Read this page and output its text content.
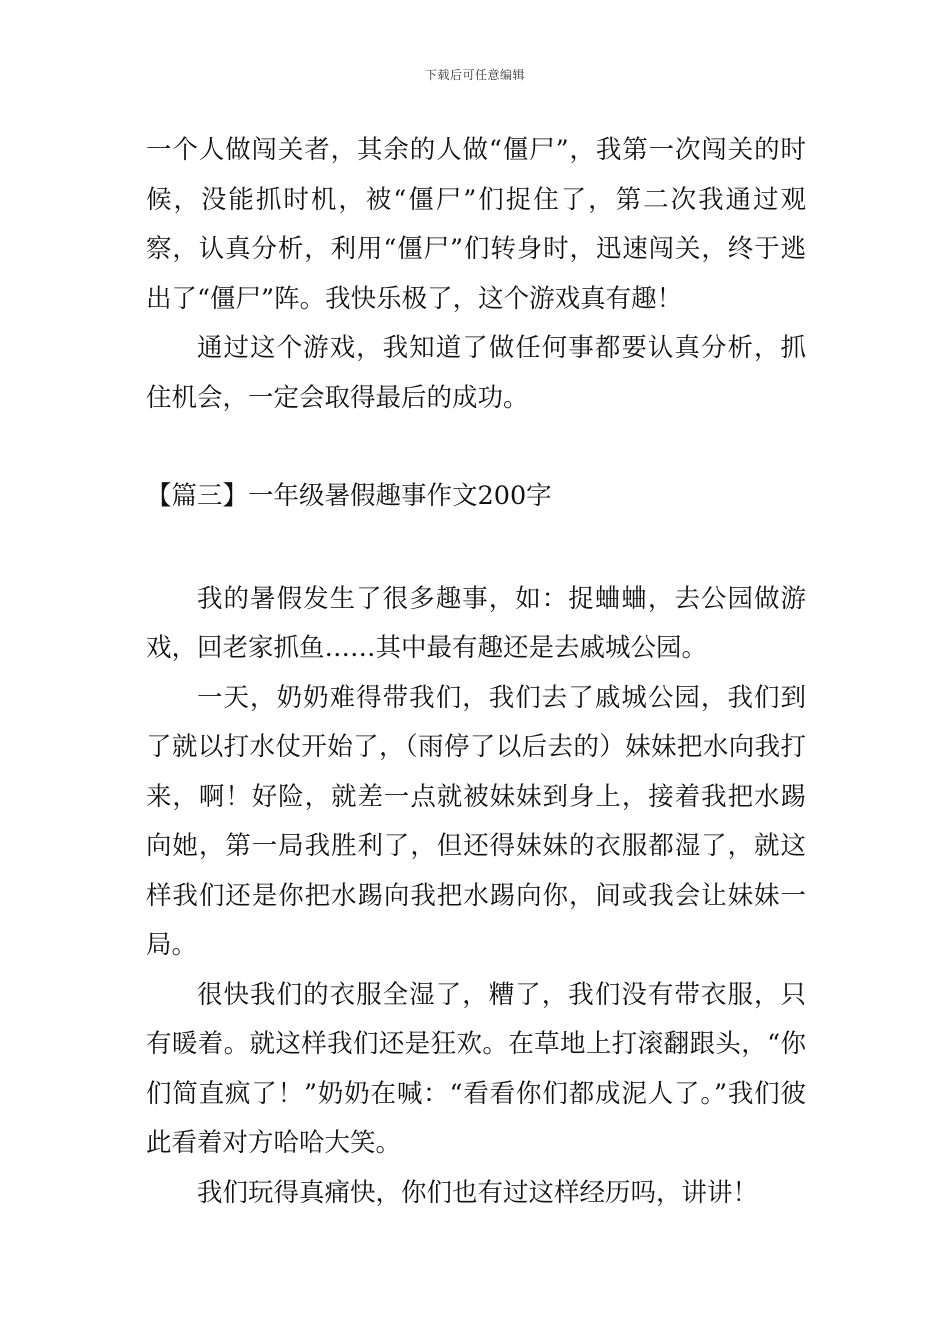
下载后可任意编辑

一个人做闯关者，其余的人做“僵尸”，我第一次闯关的时候，没能抓时机，被“僵尸”们捉住了，第二次我通过观察，认真分析，利用“僵尸”们转身时，迅速闯关，终于逃出了“僵尸”阵。我快乐极了，这个游戏真有趣！

通过这个游戏，我知道了做任何事都要认真分析，抓住机会，一定会取得最后的成功。

【篇三】一年级暑假趣事作文200字

我的暑假发生了很多趣事，如：捉蛐蛐，去公园做游戏，回老家抓鱼……其中最有趣还是去戚城公园。

一天，奶奶难得带我们，我们去了戚城公园，我们到了就以打水仗开始了，（雨停了以后去的）妹妹把水向我打来，啊！好险，就差一点就被妹妹到身上，接着我把水踢向她，第一局我胜利了，但还得妹妹的衣服都湿了，就这样我们还是你把水踢向我把水踢向你，间或我会让妹妹一局。

很快我们的衣服全湿了，糟了，我们没有带衣服，只有暖着。就这样我们还是狂欢。在草地上打滚翻跟头，“你们简直疯了！”奶奶在喊：“看看你们都成泥人了。”我们彼此看着对方哈哈大笑。

我们玩得真痛快，你们也有过这样经历吗，讲讲！
